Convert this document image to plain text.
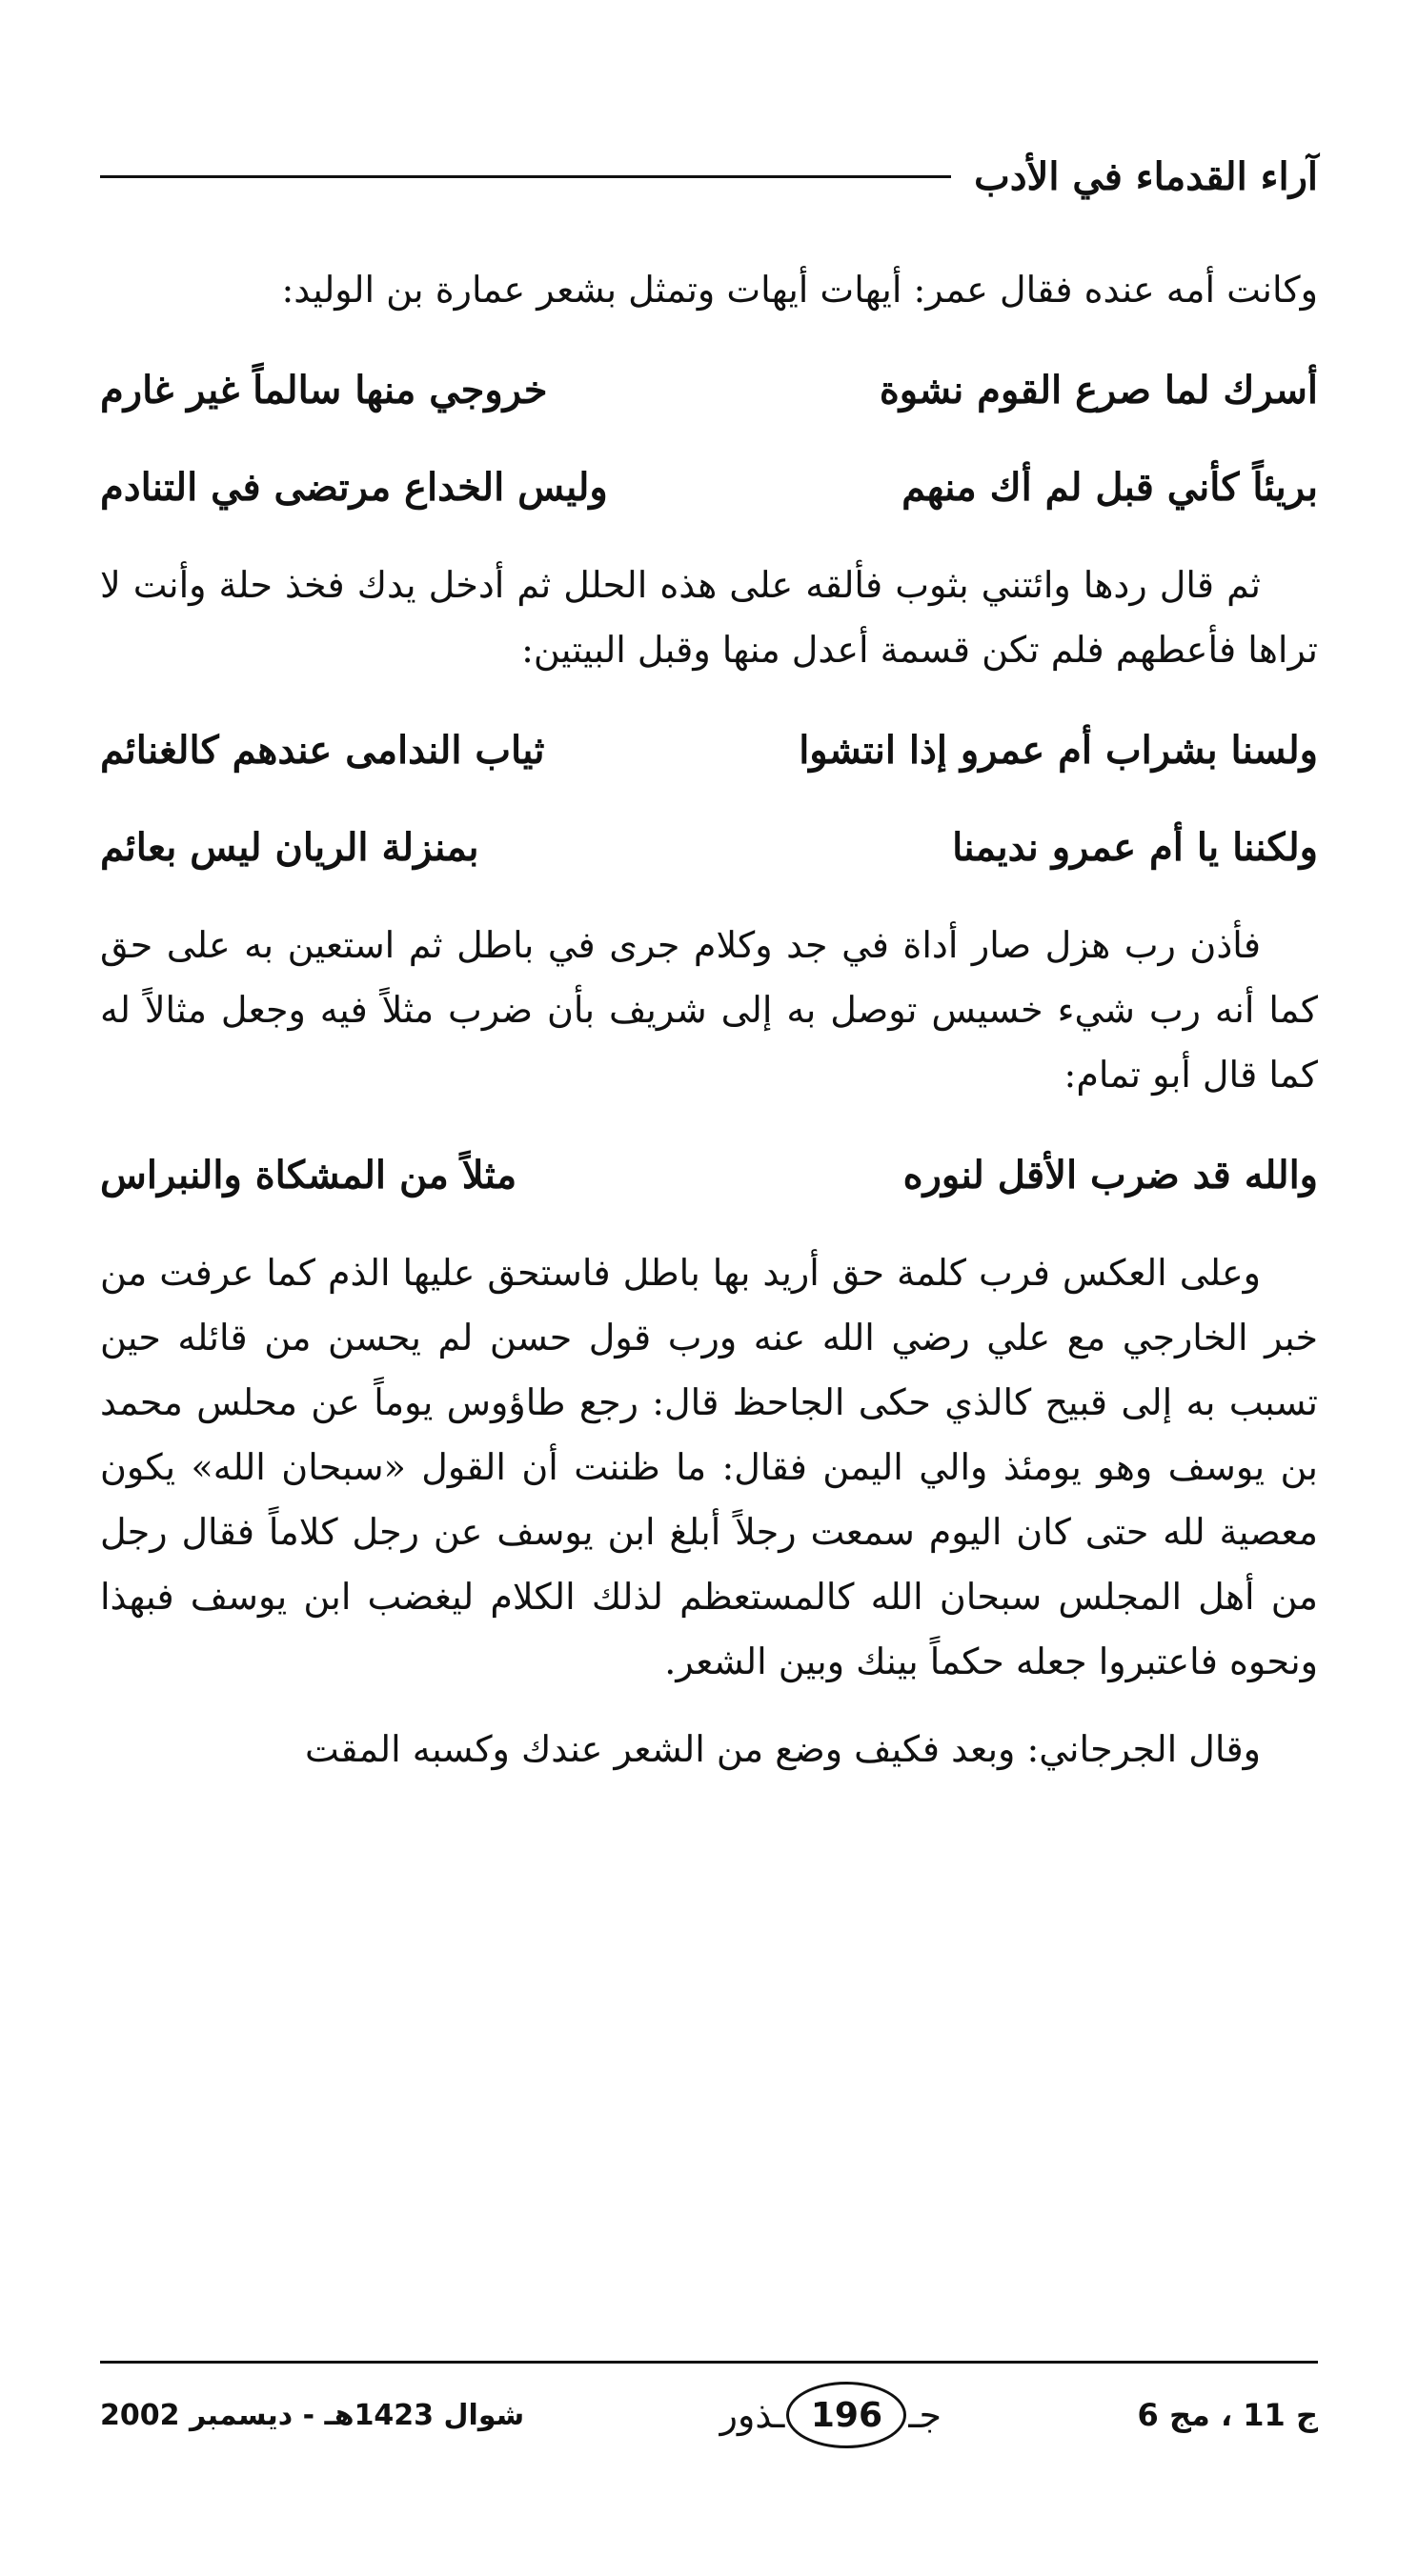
آراء القدماء في الأدب

وكانت أمه عنده فقال عمر: أيهات أيهات وتمثل بشعر عمارة بن الوليد:

أسرك لما صرع القوم نشوة
خروجي منها سالماً غير غارم
بريئاً كأني قبل لم أك منهم
وليس الخداع مرتضى في التنادم

ثم قال ردها وائتني بثوب فألقه على هذه الحلل ثم أدخل يدك فخذ حلة وأنت لا تراها فأعطهم فلم تكن قسمة أعدل منها وقبل البيتين:

ولسنا بشراب أم عمرو إذا انتشوا
ثياب الندامى عندهم كالغنائم
ولكننا يا أم عمرو نديمنا
بمنزلة الريان ليس بعائم

فأذن رب هزل صار أداة في جد وكلام جرى في باطل ثم استعين به على حق كما أنه رب شيء خسيس توصل به إلى شريف بأن ضرب مثلاً فيه وجعل مثالاً له كما قال أبو تمام:

والله قد ضرب الأقل لنوره
مثلاً من المشكاة والنبراس

وعلى العكس فرب كلمة حق أريد بها باطل فاستحق عليها الذم كما عرفت من خبر الخارجي مع علي رضي الله عنه ورب قول حسن لم يحسن من قائله حين تسبب به إلى قبيح كالذي حكى الجاحظ قال: رجع طاؤوس يوماً عن محلس محمد بن يوسف وهو يومئذ والي اليمن فقال: ما ظننت أن القول «سبحان الله» يكون معصية لله حتى كان اليوم سمعت رجلاً أبلغ ابن يوسف عن رجل كلاماً فقال رجل من أهل المجلس سبحان الله كالمستعظم لذلك الكلام ليغضب ابن يوسف فبهذا ونحوه فاعتبروا جعله حكماً بينك وبين الشعر.

وقال الجرجاني: وبعد فكيف وضع من الشعر عندك وكسبه المقت

ج 11 ، مج 6
جـ
196
ـذور
شوال 1423هـ - ديسمبر 2002
